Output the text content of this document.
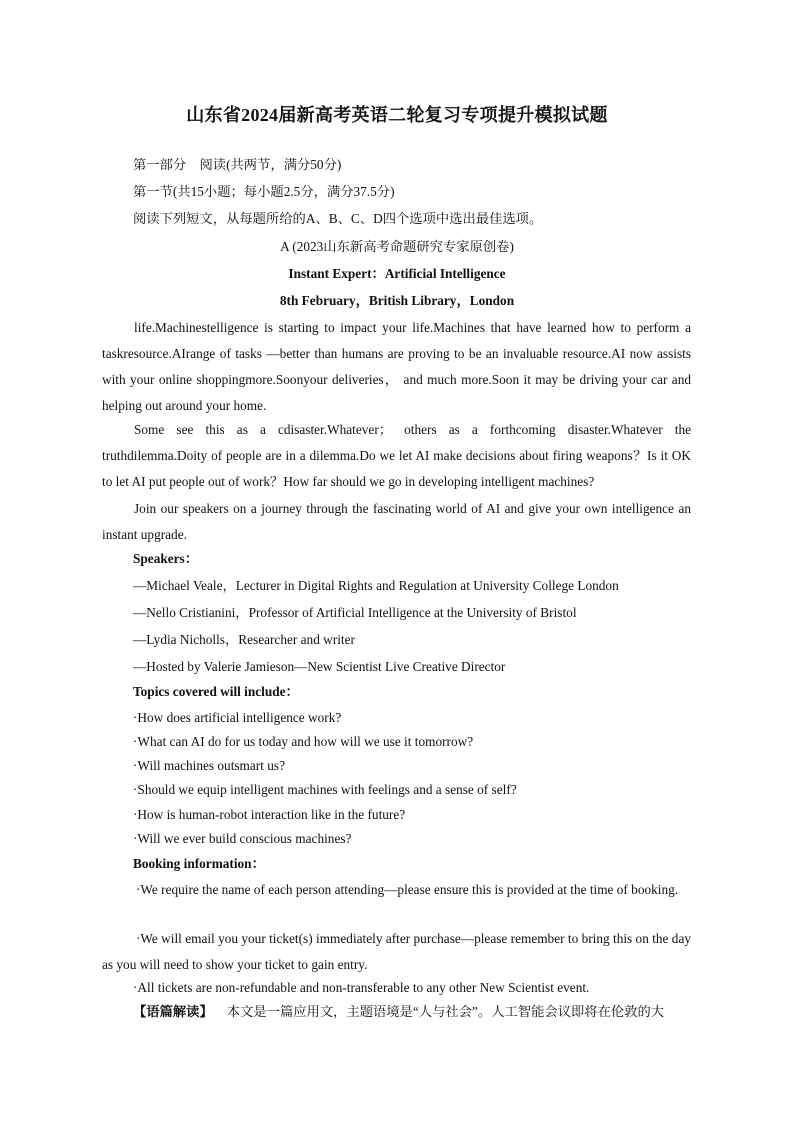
山东省2024届新高考英语二轮复习专项提升模拟试题
第一部分　阅读(共两节，满分50分)
第一节(共15小题；每小题2.5分，满分37.5分)
阅读下列短文，从每题所给的A、B、C、D四个选项中选出最佳选项。
A (2023山东新高考命题研究专家原创卷)
Instant Expert：Artificial Intelligence
8th February，British Library，London
life.Machinestelligence is starting to impact your life.Machines that have learned how to perform a taskresource.AIrange of tasks —better than humans are proving to be an invaluable resource.AI now assists with your online shoppingmore.Soonyour deliveries， and much more.Soon it may be driving your car and helping out around your home.
Some see this as a cdisaster.Whatever； others as a forthcoming disaster.Whatever the truthdilemma.Doity of people are in a dilemma.Do we let AI make decisions about firing weapons？Is it OK to let AI put people out of work？How far should we go in developing intelligent machines?
Join our speakers on a journey through the fascinating world of AI and give your own intelligence an instant upgrade.
Speakers：
—Michael Veale，Lecturer in Digital Rights and Regulation at University College London
—Nello Cristianini，Professor of Artificial Intelligence at the University of Bristol
—Lydia Nicholls，Researcher and writer
—Hosted by Valerie Jamieson—New Scientist Live Creative Director
Topics covered will include：
·How does artificial intelligence work?
·What can AI do for us today and how will we use it tomorrow?
·Will machines outsmart us?
·Should we equip intelligent machines with feelings and a sense of self?
·How is human-robot interaction like in the future?
·Will we ever build conscious machines?
Booking information：
·We require the name of each person attending—please ensure this is provided at the time of booking.
·We will email you your ticket(s) immediately after purchase—please remember to bring this on the day as you will need to show your ticket to gain entry.
·All tickets are non-refundable and non-transferable to any other New Scientist event.
【语篇解读】 本文是一篇应用文，主题语境是“人与社会”。人工智能会议即将在伦敦的大
